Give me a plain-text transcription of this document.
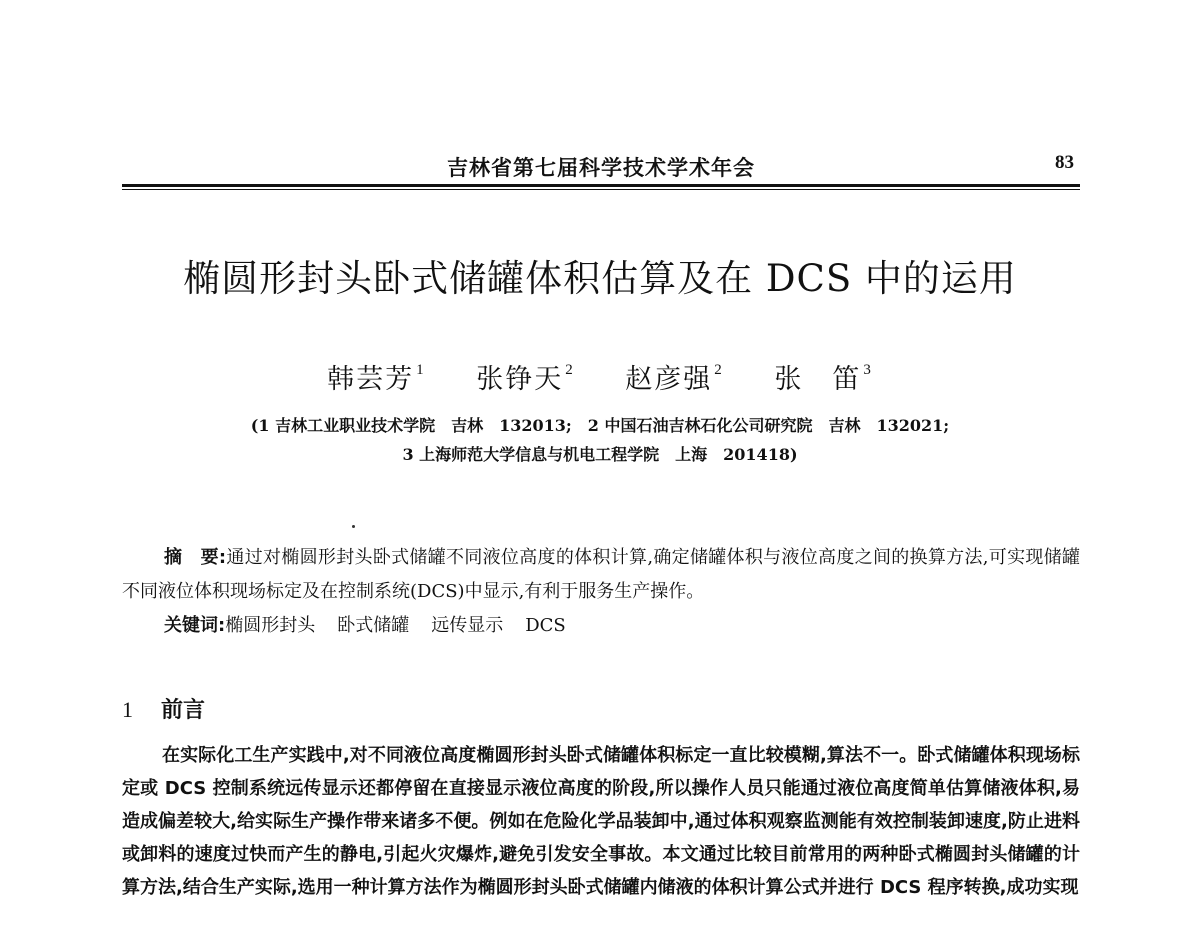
吉林省第七届科学技术学术年会	83
椭圆形封头卧式储罐体积估算及在 DCS 中的运用
韩芸芳 $^1$ 张铮天 $^2$ 赵彦强 $^2$ 张　笛 $^3$
(1 吉林工业职业技术学院　吉林　132013;　2 中国石油吉林石化公司研究院　吉林　132021;
3 上海师范大学信息与机电工程学院　上海　201418)

摘　要:通过对椭圆形封头卧式储罐不同液位高度的体积计算,确定储罐体积与液位高度之间的换算方法,可实现储罐不同液位体积现场标定及在控制系统(DCS)中显示,有利于服务生产操作。

关键词:椭圆形封头 卧式储罐 远传显示 DCS

1 前言

在实际化工生产实践中,对不同液位高度椭圆形封头卧式储罐体积标定一直比较模糊,算法不一。卧式储罐体积现场标定或 DCS 控制系统远传显示还都停留在直接显示液位高度的阶段,所以操作人员只能通过液位高度简单估算储液体积,易造成偏差较大,给实际生产操作带来诸多不便。例如在危险化学品装卸中,通过体积观察监测能有效控制装卸速度,防止进料或卸料的速度过快而产生的静电,引起火灾爆炸,避免引发安全事故。本文通过比较目前常用的两种卧式椭圆封头储罐的计算方法,结合生产实际,选用一种计算方法作为椭圆形封头卧式储罐内储液的体积计算公式并进行 DCS 程序转换,成功实现
